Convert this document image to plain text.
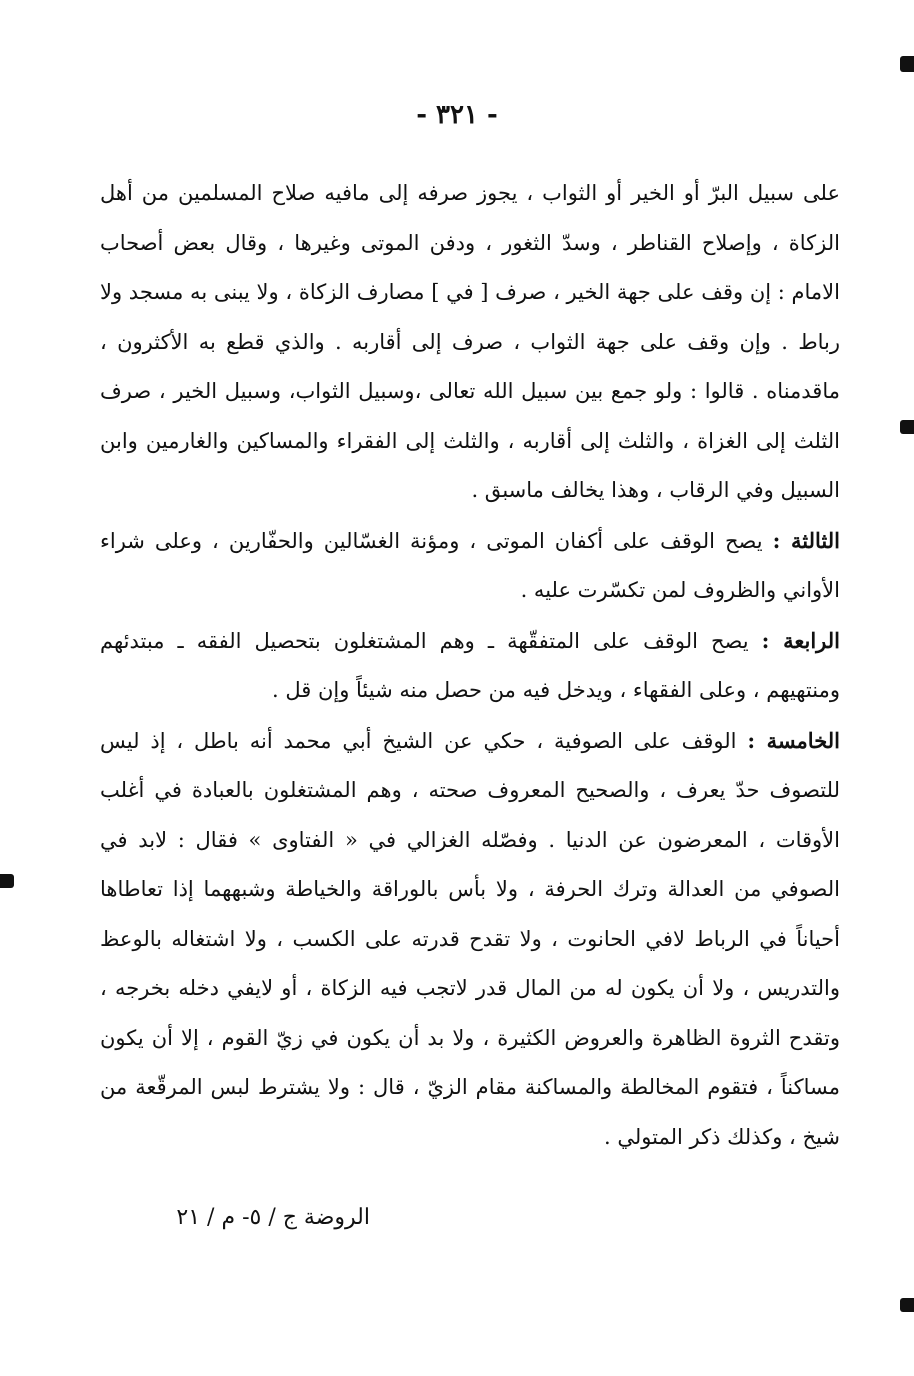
- ٣٢١ -

على سبيل البرّ أو الخير أو الثواب ، يجوز صرفه إلى مافيه صلاح المسلمين من أهل الزكاة ، وإصلاح القناطر ، وسدّ الثغور ، ودفن الموتى وغيرها ، وقال بعض أصحاب الامام : إن وقف على جهة الخير ، صرف [ في ] مصارف الزكاة ، ولا يبنى به مسجد ولا رباط . وإن وقف على جهة الثواب ، صرف إلى أقاربه . والذي قطع به الأكثرون ، ماقدمناه . قالوا : ولو جمع بين سبيل الله تعالى ،وسبيل الثواب، وسبيل الخير ، صرف الثلث إلى الغزاة ، والثلث إلى أقاربه ، والثلث إلى الفقراء والمساكين والغارمين وابن السبيل وفي الرقاب ، وهذا يخالف ماسبق .

الثالثة : يصح الوقف على أكفان الموتى ، ومؤنة الغسّالين والحفّارين ، وعلى شراء الأواني والظروف لمن تكسّرت عليه .

الرابعة : يصح الوقف على المتفقّهة ـ وهم المشتغلون بتحصيل الفقه ـ مبتدئهم ومنتهيهم ، وعلى الفقهاء ، ويدخل فيه من حصل منه شيئاً وإن قل .

الخامسة : الوقف على الصوفية ، حكي عن الشيخ أبي محمد أنه باطل ، إذ ليس للتصوف حدّ يعرف ، والصحيح المعروف صحته ، وهم المشتغلون بالعبادة في أغلب الأوقات ، المعرضون عن الدنيا . وفصّله الغزالي في « الفتاوى » فقال : لابد في الصوفي من العدالة وترك الحرفة ، ولا بأس بالوراقة والخياطة وشبههما إذا تعاطاها أحياناً في الرباط لافي الحانوت ، ولا تقدح قدرته على الكسب ، ولا اشتغاله بالوعظ والتدريس ، ولا أن يكون له من المال قدر لاتجب فيه الزكاة ، أو لايفي دخله بخرجه ، وتقدح الثروة الظاهرة والعروض الكثيرة ، ولا بد أن يكون في زيّ القوم ، إلا أن يكون مساكناً ، فتقوم المخالطة والمساكنة مقام الزيّ ، قال : ولا يشترط لبس المرقّعة من شيخ ، وكذلك ذكر المتولي .

الروضة ج / ٥- م / ٢١
